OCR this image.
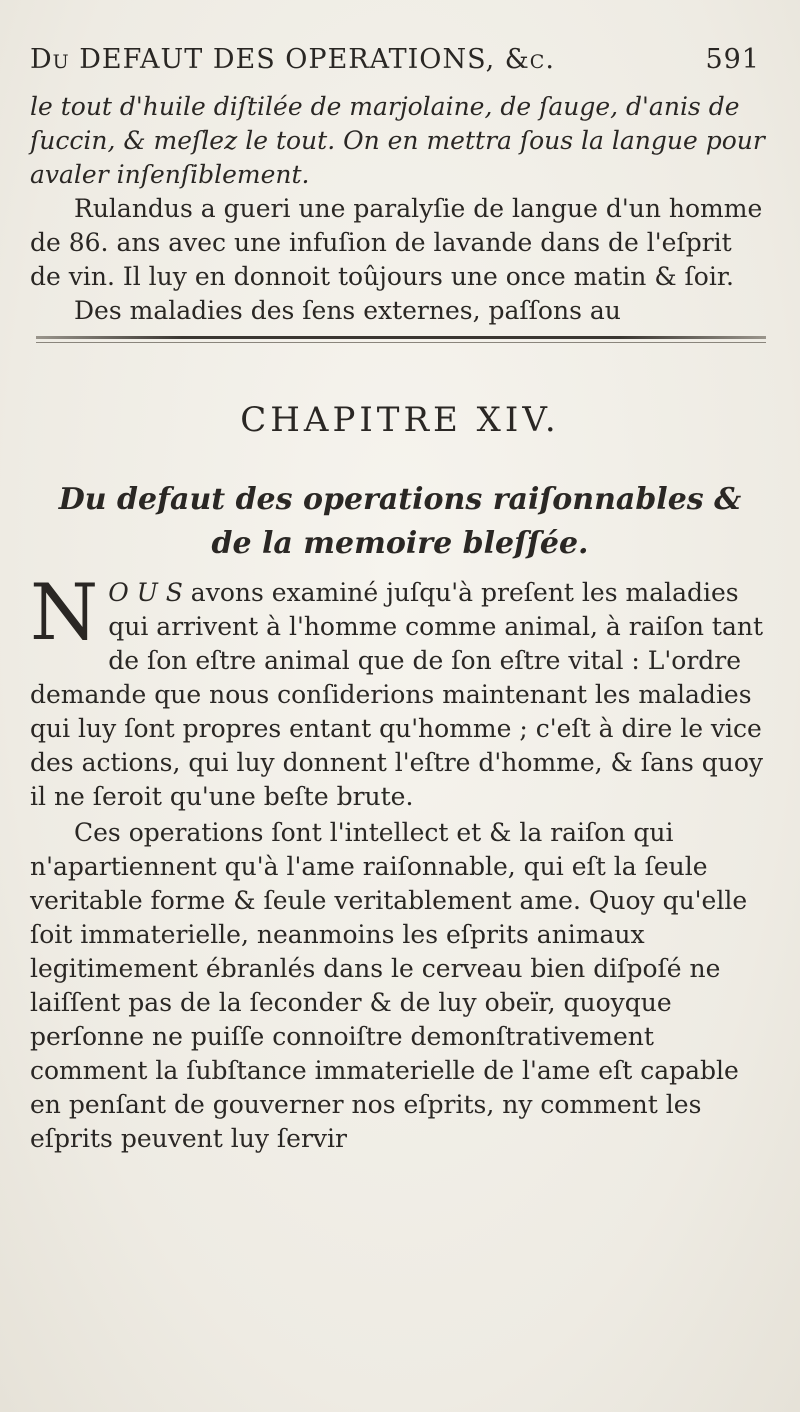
Du DEFAUT DES OPERATIONS, &c.	591

le tout d'huile diſtilée de marjolaine, de ſauge, d'anis de ſuccin, & meſlez le tout. On en mettra ſous la langue pour avaler inſenſiblement.

Rulandus a gueri une paralyſie de langue d'un homme de 86. ans avec une infuſion de lavande dans de l'eſprit de vin. Il luy en donnoit toûjours une once matin & ſoir.

Des maladies des ſens externes, paſſons au

CHAPITRE XIV.
Du defaut des operations raiſonnables &
de la memoire bleſſée.

N O U S avons examiné juſqu'à preſent les maladies qui arrivent à l'homme comme animal, à raiſon tant de ſon eſtre animal que de ſon eſtre vital : L'ordre demande que nous conſiderions maintenant les maladies qui luy ſont propres entant qu'homme ; c'eſt à dire le vice des actions, qui luy donnent l'eſtre d'homme, & ſans quoy il ne ſeroit qu'une beſte brute.

Ces operations ſont l'intellect et & la raiſon qui n'apartiennent qu'à l'ame raiſonnable, qui eſt la ſeule veritable forme & ſeule veritablement ame. Quoy qu'elle ſoit immaterielle, neanmoins les eſprits animaux legitimement ébranlés dans le cerveau bien diſpoſé ne laiſſent pas de la ſeconder & de luy obeïr, quoyque perſonne ne puiſſe connoiſtre demonſtrativement comment la ſubſtance immaterielle de l'ame eſt capable en penſant de gouverner nos eſprits, ny comment les eſprits peuvent luy ſervir
